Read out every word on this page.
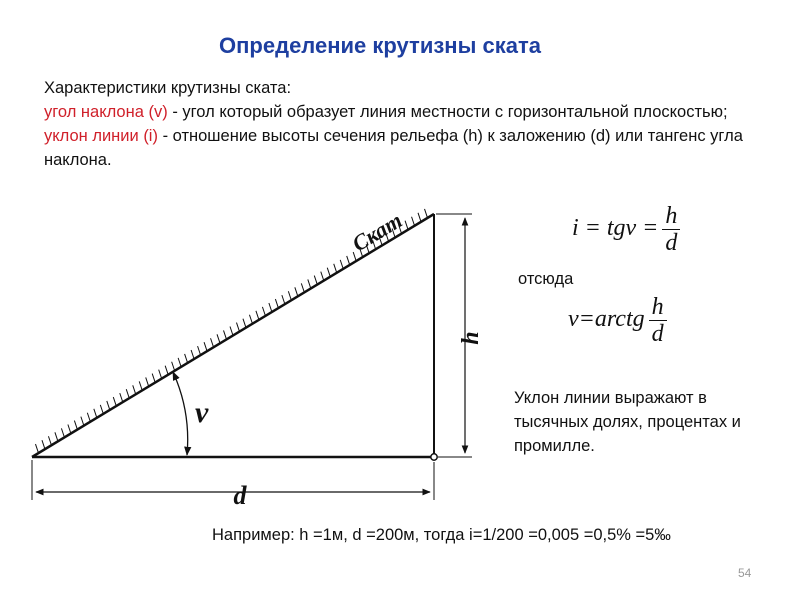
Определение крутизны ската
Характеристики крутизны ската:
угол наклона (v) - угол который образует линия местности с горизонтальной плоскостью;
уклон линии (i) - отношение высоты сечения рельефа (h) к заложению (d) или тангенс угла наклона.
Скат
h
d
ν
$i = tg\nu = \frac{h}{d}$
отсюда
ν=arctg $\frac{h}{d}$
Уклон линии выражают в тысячных долях, процентах и промилле.
Например: h =1м, d =200м, тогда i=1/200 =0,005 =0,5% =5‰
54
